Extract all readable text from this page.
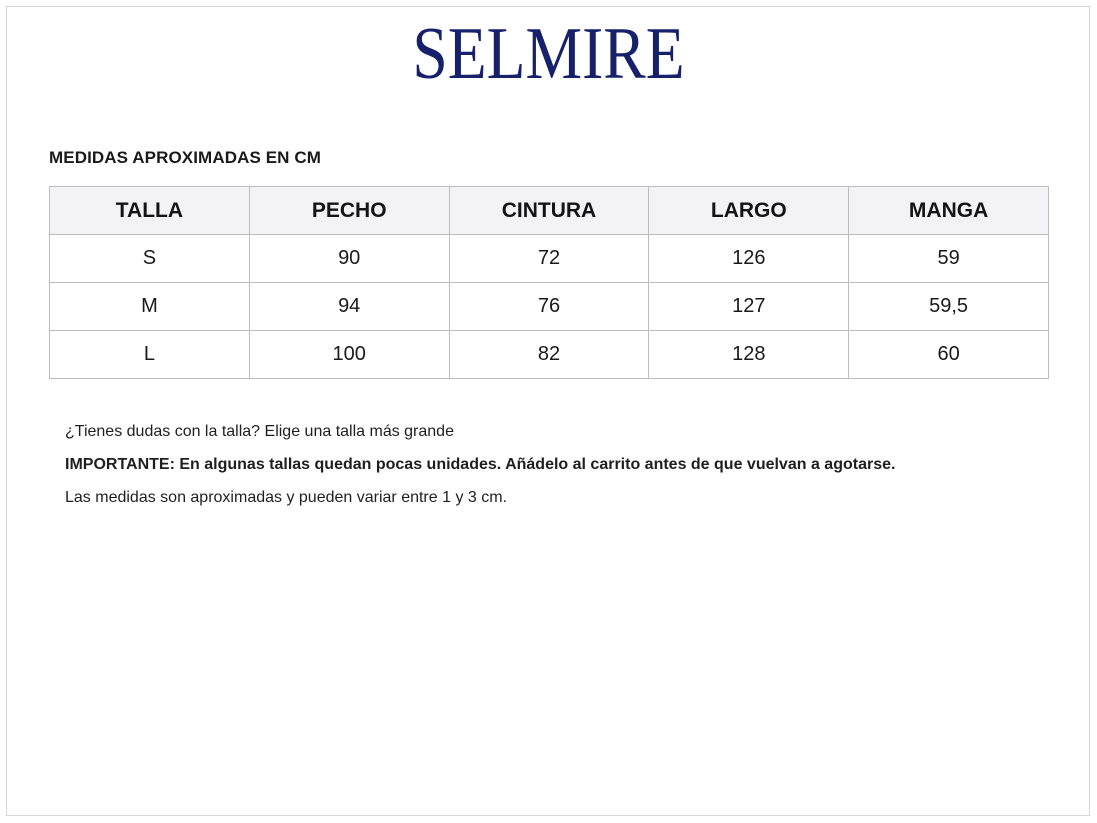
SELMIRE
MEDIDAS APROXIMADAS EN CM
TALLA	PECHO	CINTURA	LARGO	MANGA
S	90	72	126	59
M	94	76	127	59,5
L	100	82	128	60

¿Tienes dudas con la talla? Elige una talla más grande

IMPORTANTE: En algunas tallas quedan pocas unidades. Añádelo al carrito antes de que vuelvan a agotarse.

Las medidas son aproximadas y pueden variar entre 1 y 3 cm.
